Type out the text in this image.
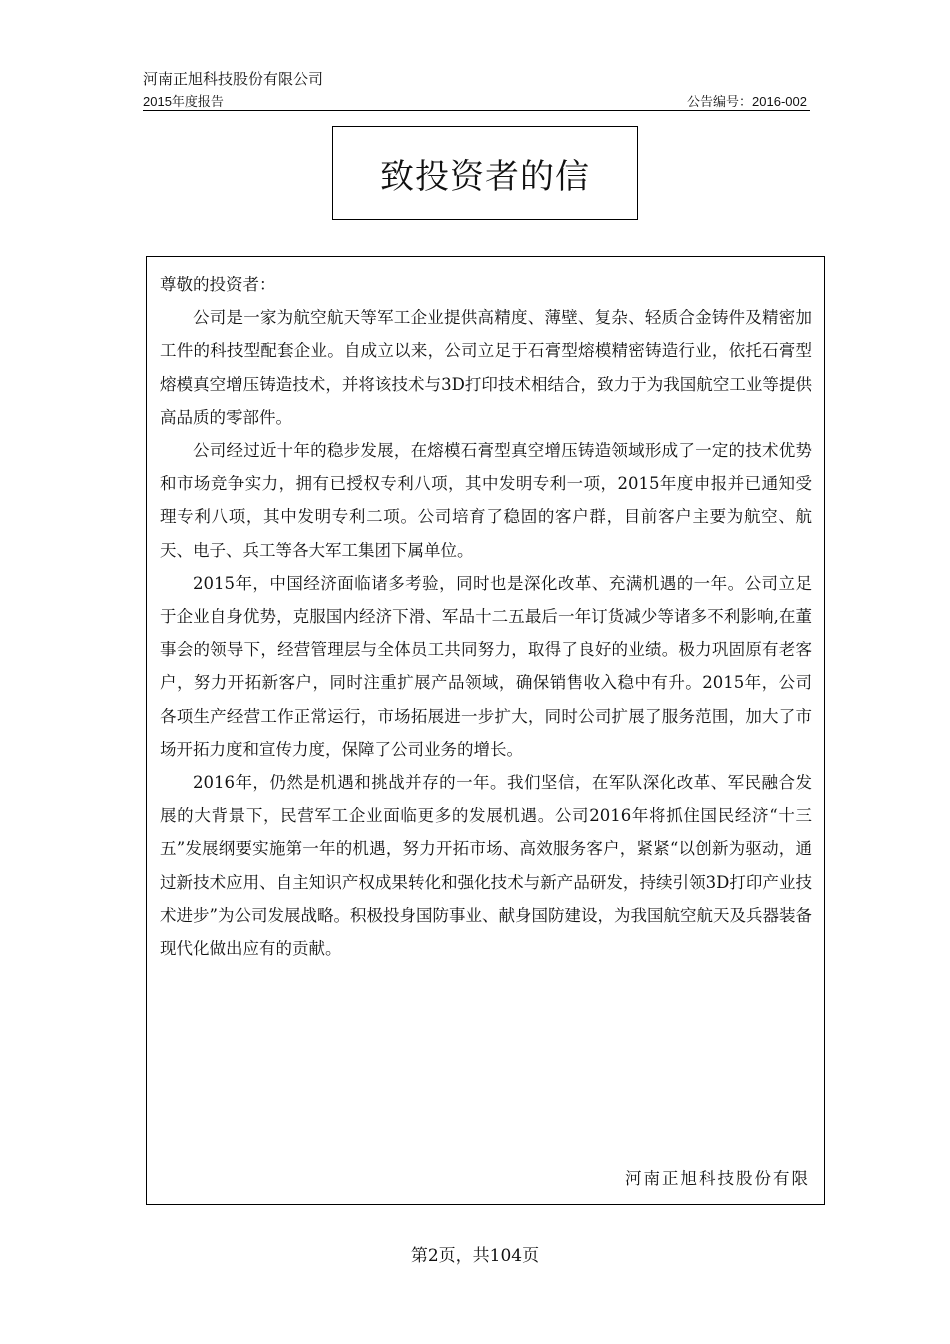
河南正旭科技股份有限公司
2015年度报告	公告编号：2016-002
致投资者的信

尊敬的投资者：

公司是一家为航空航天等军工企业提供高精度、薄壁、复杂、轻质合金铸件及精密加工件的科技型配套企业。自成立以来，公司立足于石膏型熔模精密铸造行业，依托石膏型熔模真空增压铸造技术，并将该技术与3D打印技术相结合，致力于为我国航空工业等提供高品质的零部件。

公司经过近十年的稳步发展，在熔模石膏型真空增压铸造领域形成了一定的技术优势和市场竞争实力，拥有已授权专利八项，其中发明专利一项，2015年度申报并已通知受理专利八项，其中发明专利二项。公司培育了稳固的客户群，目前客户主要为航空、航天、电子、兵工等各大军工集团下属单位。

2015年，中国经济面临诸多考验，同时也是深化改革、充满机遇的一年。公司立足于企业自身优势，克服国内经济下滑、军品十二五最后一年订货减少等诸多不利影响,在董事会的领导下，经营管理层与全体员工共同努力，取得了良好的业绩。极力巩固原有老客户，努力开拓新客户，同时注重扩展产品领域，确保销售收入稳中有升。2015年，公司各项生产经营工作正常运行，市场拓展进一步扩大，同时公司扩展了服务范围，加大了市场开拓力度和宣传力度，保障了公司业务的增长。

2016年，仍然是机遇和挑战并存的一年。我们坚信，在军队深化改革、军民融合发展的大背景下，民营军工企业面临更多的发展机遇。公司2016年将抓住国民经济“十三五”发展纲要实施第一年的机遇，努力开拓市场、高效服务客户，紧紧“以创新为驱动，通过新技术应用、自主知识产权成果转化和强化技术与新产品研发，持续引领3D打印产业技术进步”为公司发展战略。积极投身国防事业、献身国防建设，为我国航空航天及兵器装备现代化做出应有的贡献。

河南正旭科技股份有限
第2页，共104页
